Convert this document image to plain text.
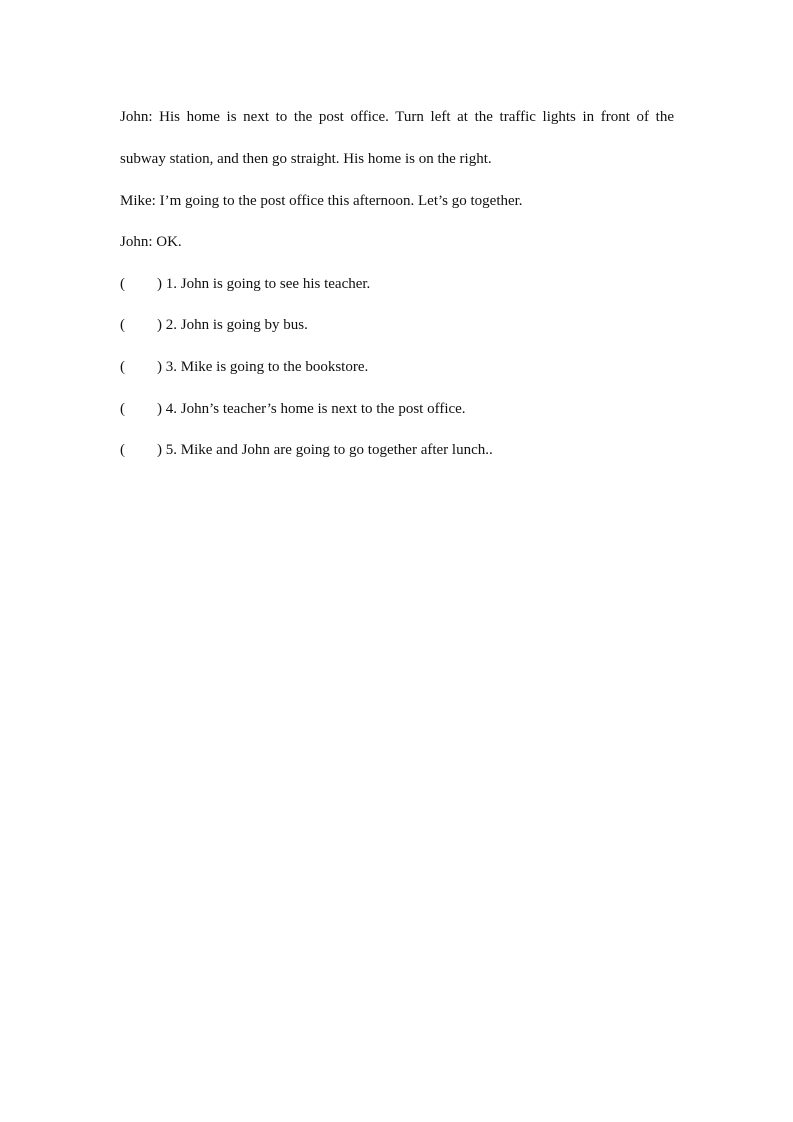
John: His home is next to the post office. Turn left at the traffic lights in front of the
subway station, and then go straight. His home is on the right.
Mike: I’m going to the post office this afternoon. Let’s go together.
John: OK.
( ) 1. John is going to see his teacher.
( ) 2. John is going by bus.
( ) 3. Mike is going to the bookstore.
( ) 4. John’s teacher’s home is next to the post office.
( ) 5. Mike and John are going to go together after lunch..
